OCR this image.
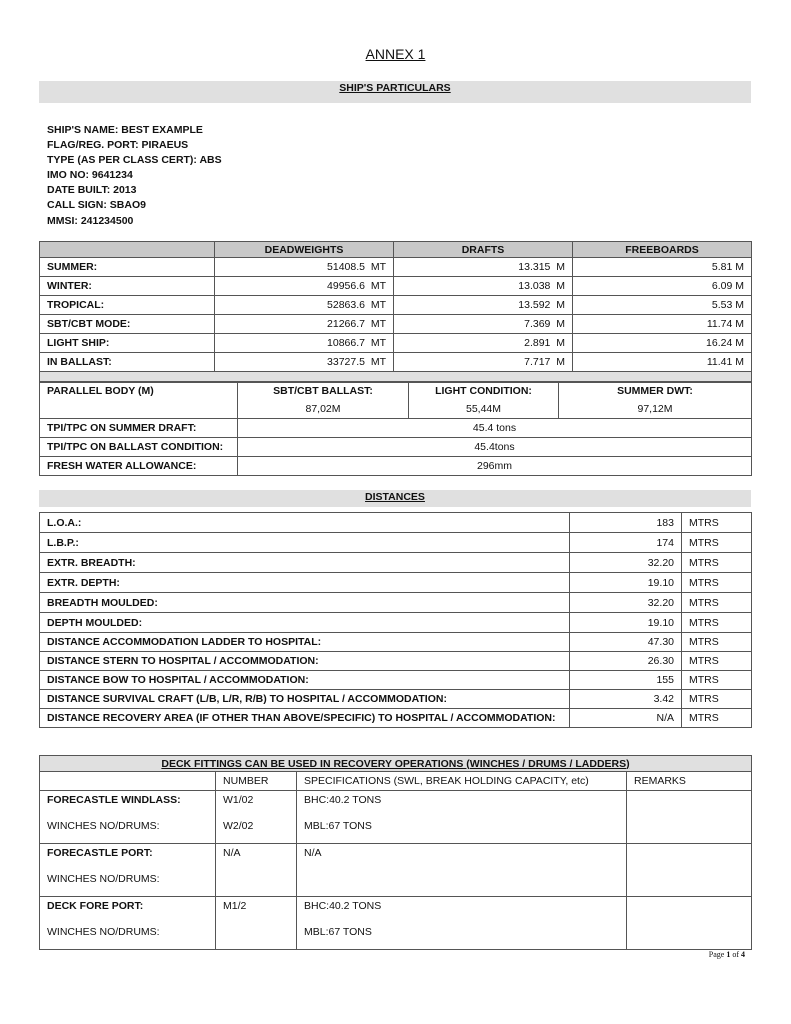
ANNEX 1
SHIP'S PARTICULARS
SHIP'S NAME: BEST EXAMPLE
FLAG/REG. PORT: PIRAEUS
TYPE (AS PER CLASS CERT): ABS
IMO NO: 9641234
DATE BUILT: 2013
CALL SIGN: SBAO9
MMSI: 241234500
	DEADWEIGHTS	DRAFTS	FREEBOARDS
SUMMER:	51408.5 MT	13.315 M	5.81 M
WINTER:	49956.6 MT	13.038 M	6.09 M
TROPICAL:	52863.6 MT	13.592 M	5.53 M
SBT/CBT MODE:	21266.7 MT	7.369 M	11.74 M
LIGHT SHIP:	10866.7 MT	2.891 M	16.24 M
IN BALLAST:	33727.5 MT	7.717 M	11.41 M

PARALLEL BODY (M)	SBT/CBT BALLAST:	LIGHT CONDITION:	SUMMER DWT:
	87,02M	55,44M	97,12M
TPI/TPC ON SUMMER DRAFT:	45.4 tons		
TPI/TPC ON BALLAST CONDITION:	45.4tons		
FRESH WATER ALLOWANCE:	296mm		
DISTANCES
L.O.A.:	183	MTRS
L.B.P.:	174	MTRS
EXTR. BREADTH:	32.20	MTRS
EXTR. DEPTH:	19.10	MTRS
BREADTH MOULDED:	32.20	MTRS
DEPTH MOULDED:	19.10	MTRS
DISTANCE ACCOMMODATION LADDER TO HOSPITAL:	47.30	MTRS
DISTANCE STERN TO HOSPITAL / ACCOMMODATION:	26.30	MTRS
DISTANCE BOW TO HOSPITAL / ACCOMMODATION:	155	MTRS
DISTANCE SURVIVAL CRAFT (L/B, L/R, R/B) TO HOSPITAL / ACCOMMODATION:	3.42	MTRS
DISTANCE RECOVERY AREA (IF OTHER THAN ABOVE/SPECIFIC) TO HOSPITAL / ACCOMMODATION:	N/A	MTRS
DECK FITTINGS CAN BE USED IN RECOVERY OPERATIONS (WINCHES / DRUMS / LADDERS)			
	NUMBER	SPECIFICATIONS (SWL, BREAK HOLDING CAPACITY, etc)	REMARKS
FORECASTLE WINDLASS:	W1/02	BHC:40.2 TONS	
WINCHES NO/DRUMS:	W2/02	MBL:67 TONS	
FORECASTLE PORT:	N/A	N/A	
WINCHES NO/DRUMS:			
DECK FORE PORT:	M1/2	BHC:40.2 TONS	
WINCHES NO/DRUMS:		MBL:67 TONS	
Page 1 of 4
